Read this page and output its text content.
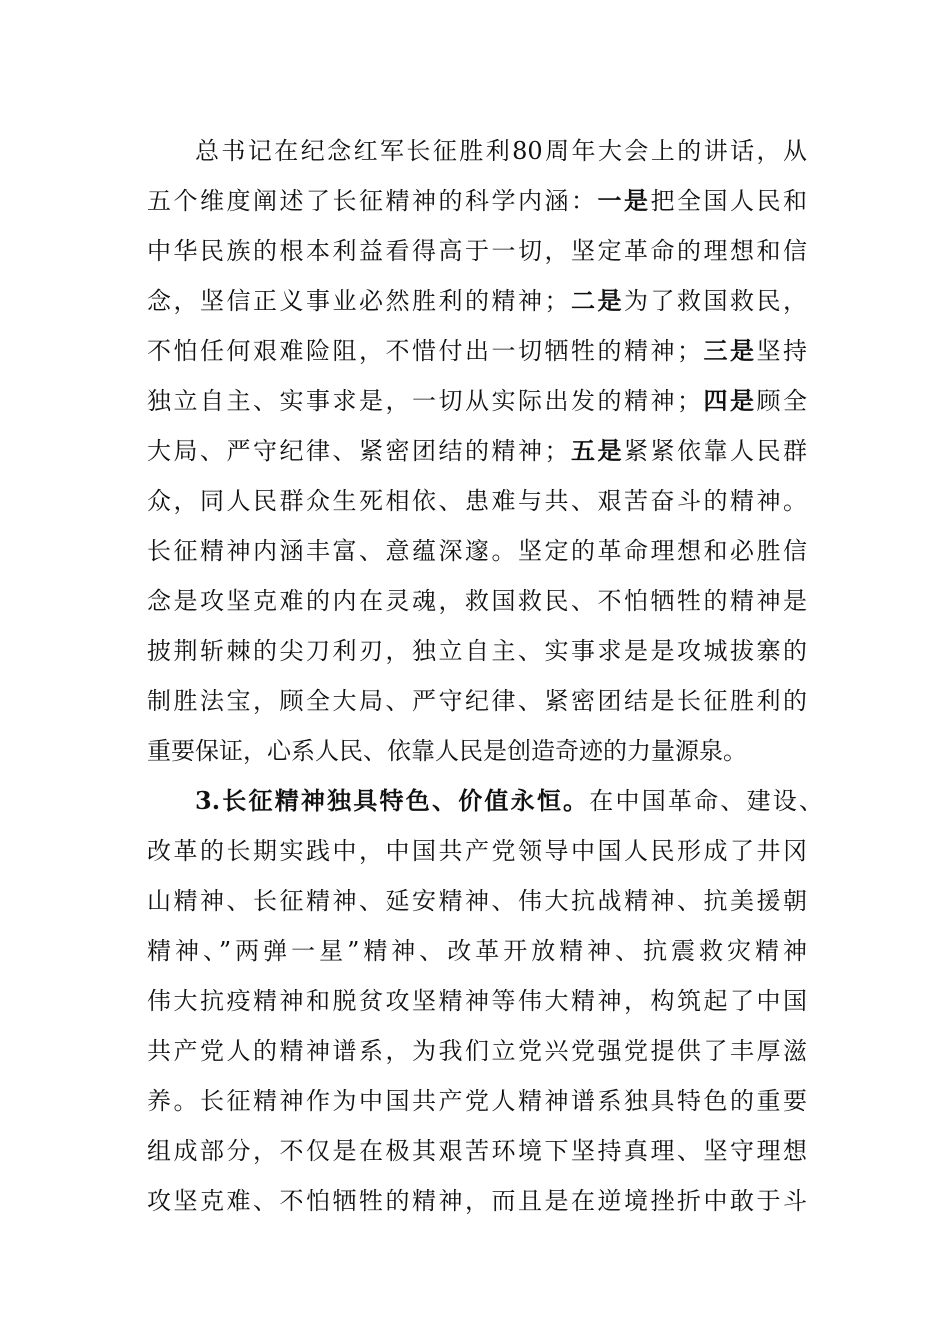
总书记在纪念红军长征胜利80周年大会上的讲话，从
五个维度阐述了长征精神的科学内涵：一是把全国人民和
中华民族的根本利益看得高于一切，坚定革命的理想和信
念，坚信正义事业必然胜利的精神；二是为了救国救民，
不怕任何艰难险阻，不惜付出一切牺牲的精神；三是坚持
独立自主、实事求是，一切从实际出发的精神；四是顾全
大局、严守纪律、紧密团结的精神；五是紧紧依靠人民群
众，同人民群众生死相依、患难与共、艰苦奋斗的精神。
长征精神内涵丰富、意蕴深邃。坚定的革命理想和必胜信
念是攻坚克难的内在灵魂，救国救民、不怕牺牲的精神是
披荆斩棘的尖刀利刃，独立自主、实事求是是攻城拔寨的
制胜法宝，顾全大局、严守纪律、紧密团结是长征胜利的
重要保证，心系人民、依靠人民是创造奇迹的力量源泉。
3.长征精神独具特色、价值永恒。在中国革命、建设、
改革的长期实践中，中国共产党领导中国人民形成了井冈
山精神、长征精神、延安精神、伟大抗战精神、抗美援朝
精神、”两弹一星”精神、改革开放精神、抗震救灾精神
伟大抗疫精神和脱贫攻坚精神等伟大精神，构筑起了中国
共产党人的精神谱系，为我们立党兴党强党提供了丰厚滋
养。长征精神作为中国共产党人精神谱系独具特色的重要
组成部分，不仅是在极其艰苦环境下坚持真理、坚守理想
攻坚克难、不怕牺牲的精神，而且是在逆境挫折中敢于斗
